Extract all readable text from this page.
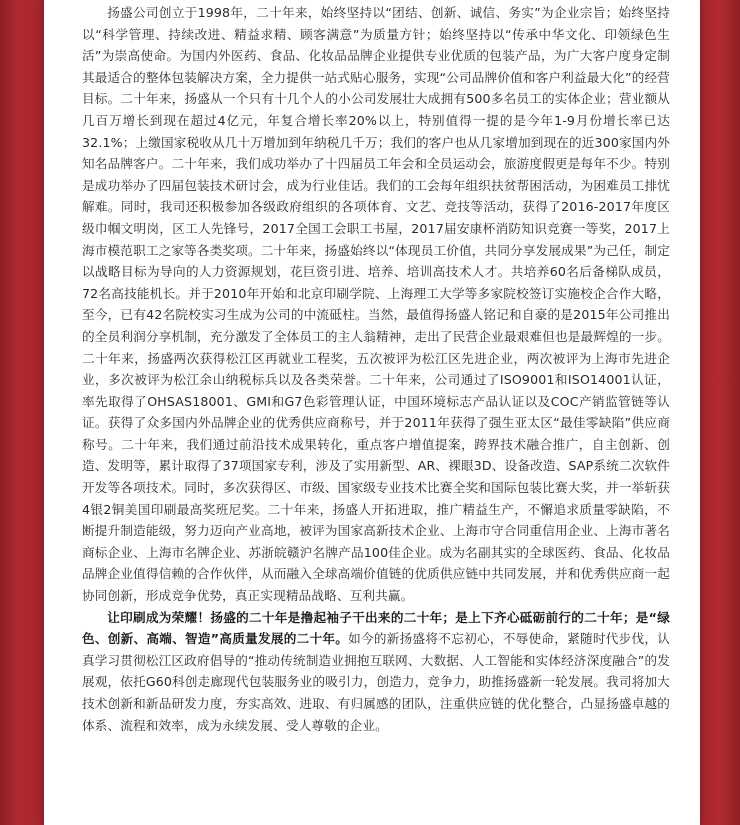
扬盛公司创立于1998年，二十年来，始终坚持以“团结、创新、诚信、务实”为企业宗旨；始终坚持以“科学管理、持续改进、精益求精、顾客满意”为质量方针；始终坚持以“传承中华文化、印领绿色生活”为崇高使命。为国内外医药、食品、化妆品品牌企业提供专业优质的包装产品，为广大客户度身定制其最适合的整体包装解决方案，全力提供一站式贴心服务，实现“公司品牌价值和客户利益最大化”的经营目标。二十年来，扬盛从一个只有十几个人的小公司发展壮大成拥有500多名员工的实体企业；营业额从几百万增长到现在超过4亿元，年复合增长率20%以上，特别值得一提的是今年1-9月份增长率已达32.1%；上缴国家税收从几十万增加到年纳税几千万；我们的客户也从几家增加到现在的近300家国内外知名品牌客户。二十年来，我们成功举办了十四届员工年会和全员运动会，旅游度假更是每年不少。特别是成功举办了四届包装技术研讨会，成为行业佳话。我们的工会每年组织扶贫帮困活动，为困难员工排忧解难。同时，我司还积极参加各级政府组织的各项体育、文艺、竞技等活动，获得了2016-2017年度区级巾帼文明岗，区工人先锋号，2017全国工会职工书屋，2017届安康杯消防知识竞赛一等奖，2017上海市模范职工之家等各类奖项。二十年来，扬盛始终以“体现员工价值，共同分享发展成果”为己任，制定以战略目标为导向的人力资源规划，花巨资引进、培养、培训高技术人才。共培养60名后备梯队成员，72名高技能机长。并于2010年开始和北京印刷学院、上海理工大学等多家院校签订实施校企合作大略，至今，已有42名院校实习生成为公司的中流砥柱。当然，最值得扬盛人铭记和自豪的是2015年公司推出的全员利润分享机制，充分激发了全体员工的主人翁精神，走出了民营企业最艰难但也是最辉煌的一步。二十年来，扬盛两次获得松江区再就业工程奖，五次被评为松江区先进企业，两次被评为上海市先进企业，多次被评为松江余山纳税标兵以及各类荣誉。二十年来，公司通过了ISO9001和ISO14001认证，率先取得了OHSAS18001、GMI和G7色彩管理认证，中国环境标志产品认证以及COC产销监管链等认证。获得了众多国内外品牌企业的优秀供应商称号，并于2011年获得了强生亚太区“最佳零缺陷”供应商称号。二十年来，我们通过前沿技术成果转化，重点客户增值提案，跨界技术融合推广，自主创新、创造、发明等，累计取得了37项国家专利，涉及了实用新型、AR、裸眼3D、设备改造、SAP系统二次软件开发等各项技术。同时，多次获得区、市级、国家级专业技术比赛全奖和国际包装比赛大奖，并一举斩获4银2铜美国印刷最高奖班尼奖。二十年来，扬盛人开拓进取，推广精益生产，不懈追求质量零缺陷，不断提升制造能级，努力迈向产业高地，被评为国家高新技术企业、上海市守合同重信用企业、上海市著名商标企业、上海市名牌企业、苏浙皖赣沪名牌产品100佳企业。成为名副其实的全球医药、食品、化妆品品牌企业值得信赖的合作伙伴，从而融入全球高端价值链的优质供应链中共同发展，并和优秀供应商一起协同创新，形成竞争优势，真正实现精品战略、互利共赢。

让印刷成为荣耀！扬盛的二十年是撸起袖子干出来的二十年；是上下齐心砥砺前行的二十年；是“绿色、创新、高端、智造”高质量发展的二十年。如今的新扬盛将不忘初心，不辱使命，紧随时代步伐，认真学习贯彻松江区政府倡导的“推动传统制造业拥抱互联网、大数据、人工智能和实体经济深度融合”的发展观，依托G60科创走廊现代包装服务业的吸引力，创造力，竞争力，助推扬盛新一轮发展。我司将加大技术创新和新品研发力度，夯实高效、进取、有归属感的团队，注重供应链的优化整合，凸显扬盛卓越的体系、流程和效率，成为永续发展、受人尊敬的企业。
